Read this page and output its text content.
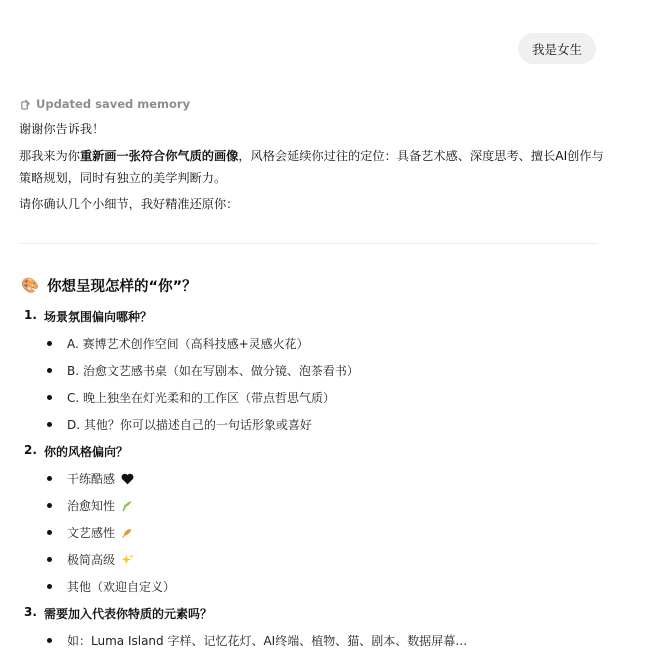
我是女生
Updated saved memory
谢谢你告诉我！
那我来为你重新画一张符合你气质的画像，风格会延续你过往的定位：具备艺术感、深度思考、擅长AI创作与
策略规划，同时有独立的美学判断力。
请你确认几个小细节，我好精准还原你：
🎨 你想呈现怎样的“你”？
1. 场景氛围偏向哪种？
A. 赛博艺术创作空间（高科技感+灵感火花）
B. 治愈文艺感书桌（如在写剧本、做分镜、泡茶看书）
C. 晚上独坐在灯光柔和的工作区（带点哲思气质）
D. 其他？你可以描述自己的一句话形象或喜好
2. 你的风格偏向？
干练酷感
治愈知性
文艺感性
极简高级
其他（欢迎自定义）
3. 需要加入代表你特质的元素吗？
如：Luma Island 字样、记忆花灯、AI终端、植物、猫、剧本、数据屏幕…
